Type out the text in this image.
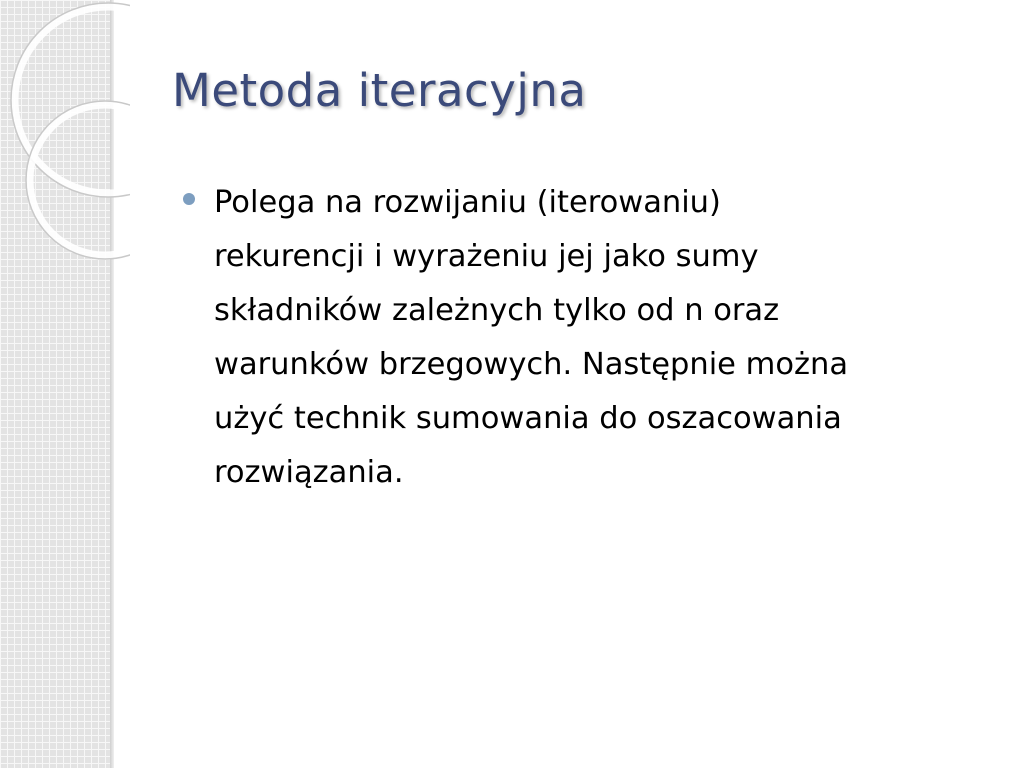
Metoda iteracyjna

Polega na rozwijaniu (iterowaniu)
rekurencji i wyrażeniu jej jako sumy
składników zależnych tylko od n oraz
warunków brzegowych. Następnie można
użyć technik sumowania do oszacowania
rozwiązania.
